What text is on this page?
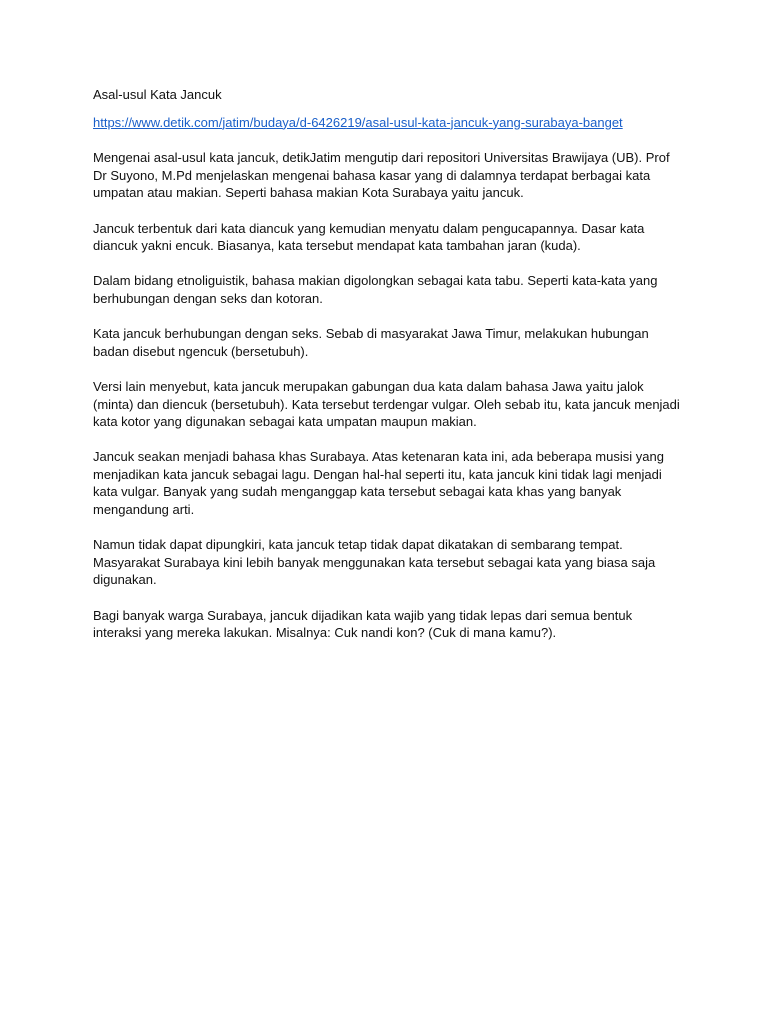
Asal-usul Kata Jancuk

https://www.detik.com/jatim/budaya/d-6426219/asal-usul-kata-jancuk-yang-surabaya-banget

Mengenai asal-usul kata jancuk, detikJatim mengutip dari repositori Universitas Brawijaya (UB). Prof Dr Suyono, M.Pd menjelaskan mengenai bahasa kasar yang di dalamnya terdapat berbagai kata umpatan atau makian. Seperti bahasa makian Kota Surabaya yaitu jancuk.

Jancuk terbentuk dari kata diancuk yang kemudian menyatu dalam pengucapannya. Dasar kata diancuk yakni encuk. Biasanya, kata tersebut mendapat kata tambahan jaran (kuda).

Dalam bidang etnoliguistik, bahasa makian digolongkan sebagai kata tabu. Seperti kata-kata yang berhubungan dengan seks dan kotoran.

Kata jancuk berhubungan dengan seks. Sebab di masyarakat Jawa Timur, melakukan hubungan badan disebut ngencuk (bersetubuh).

Versi lain menyebut, kata jancuk merupakan gabungan dua kata dalam bahasa Jawa yaitu jalok (minta) dan diencuk (bersetubuh). Kata tersebut terdengar vulgar. Oleh sebab itu, kata jancuk menjadi kata kotor yang digunakan sebagai kata umpatan maupun makian.

Jancuk seakan menjadi bahasa khas Surabaya. Atas ketenaran kata ini, ada beberapa musisi yang menjadikan kata jancuk sebagai lagu. Dengan hal-hal seperti itu, kata jancuk kini tidak lagi menjadi kata vulgar. Banyak yang sudah menganggap kata tersebut sebagai kata khas yang banyak mengandung arti.

Namun tidak dapat dipungkiri, kata jancuk tetap tidak dapat dikatakan di sembarang tempat. Masyarakat Surabaya kini lebih banyak menggunakan kata tersebut sebagai kata yang biasa saja digunakan.

Bagi banyak warga Surabaya, jancuk dijadikan kata wajib yang tidak lepas dari semua bentuk interaksi yang mereka lakukan. Misalnya: Cuk nandi kon? (Cuk di mana kamu?).
